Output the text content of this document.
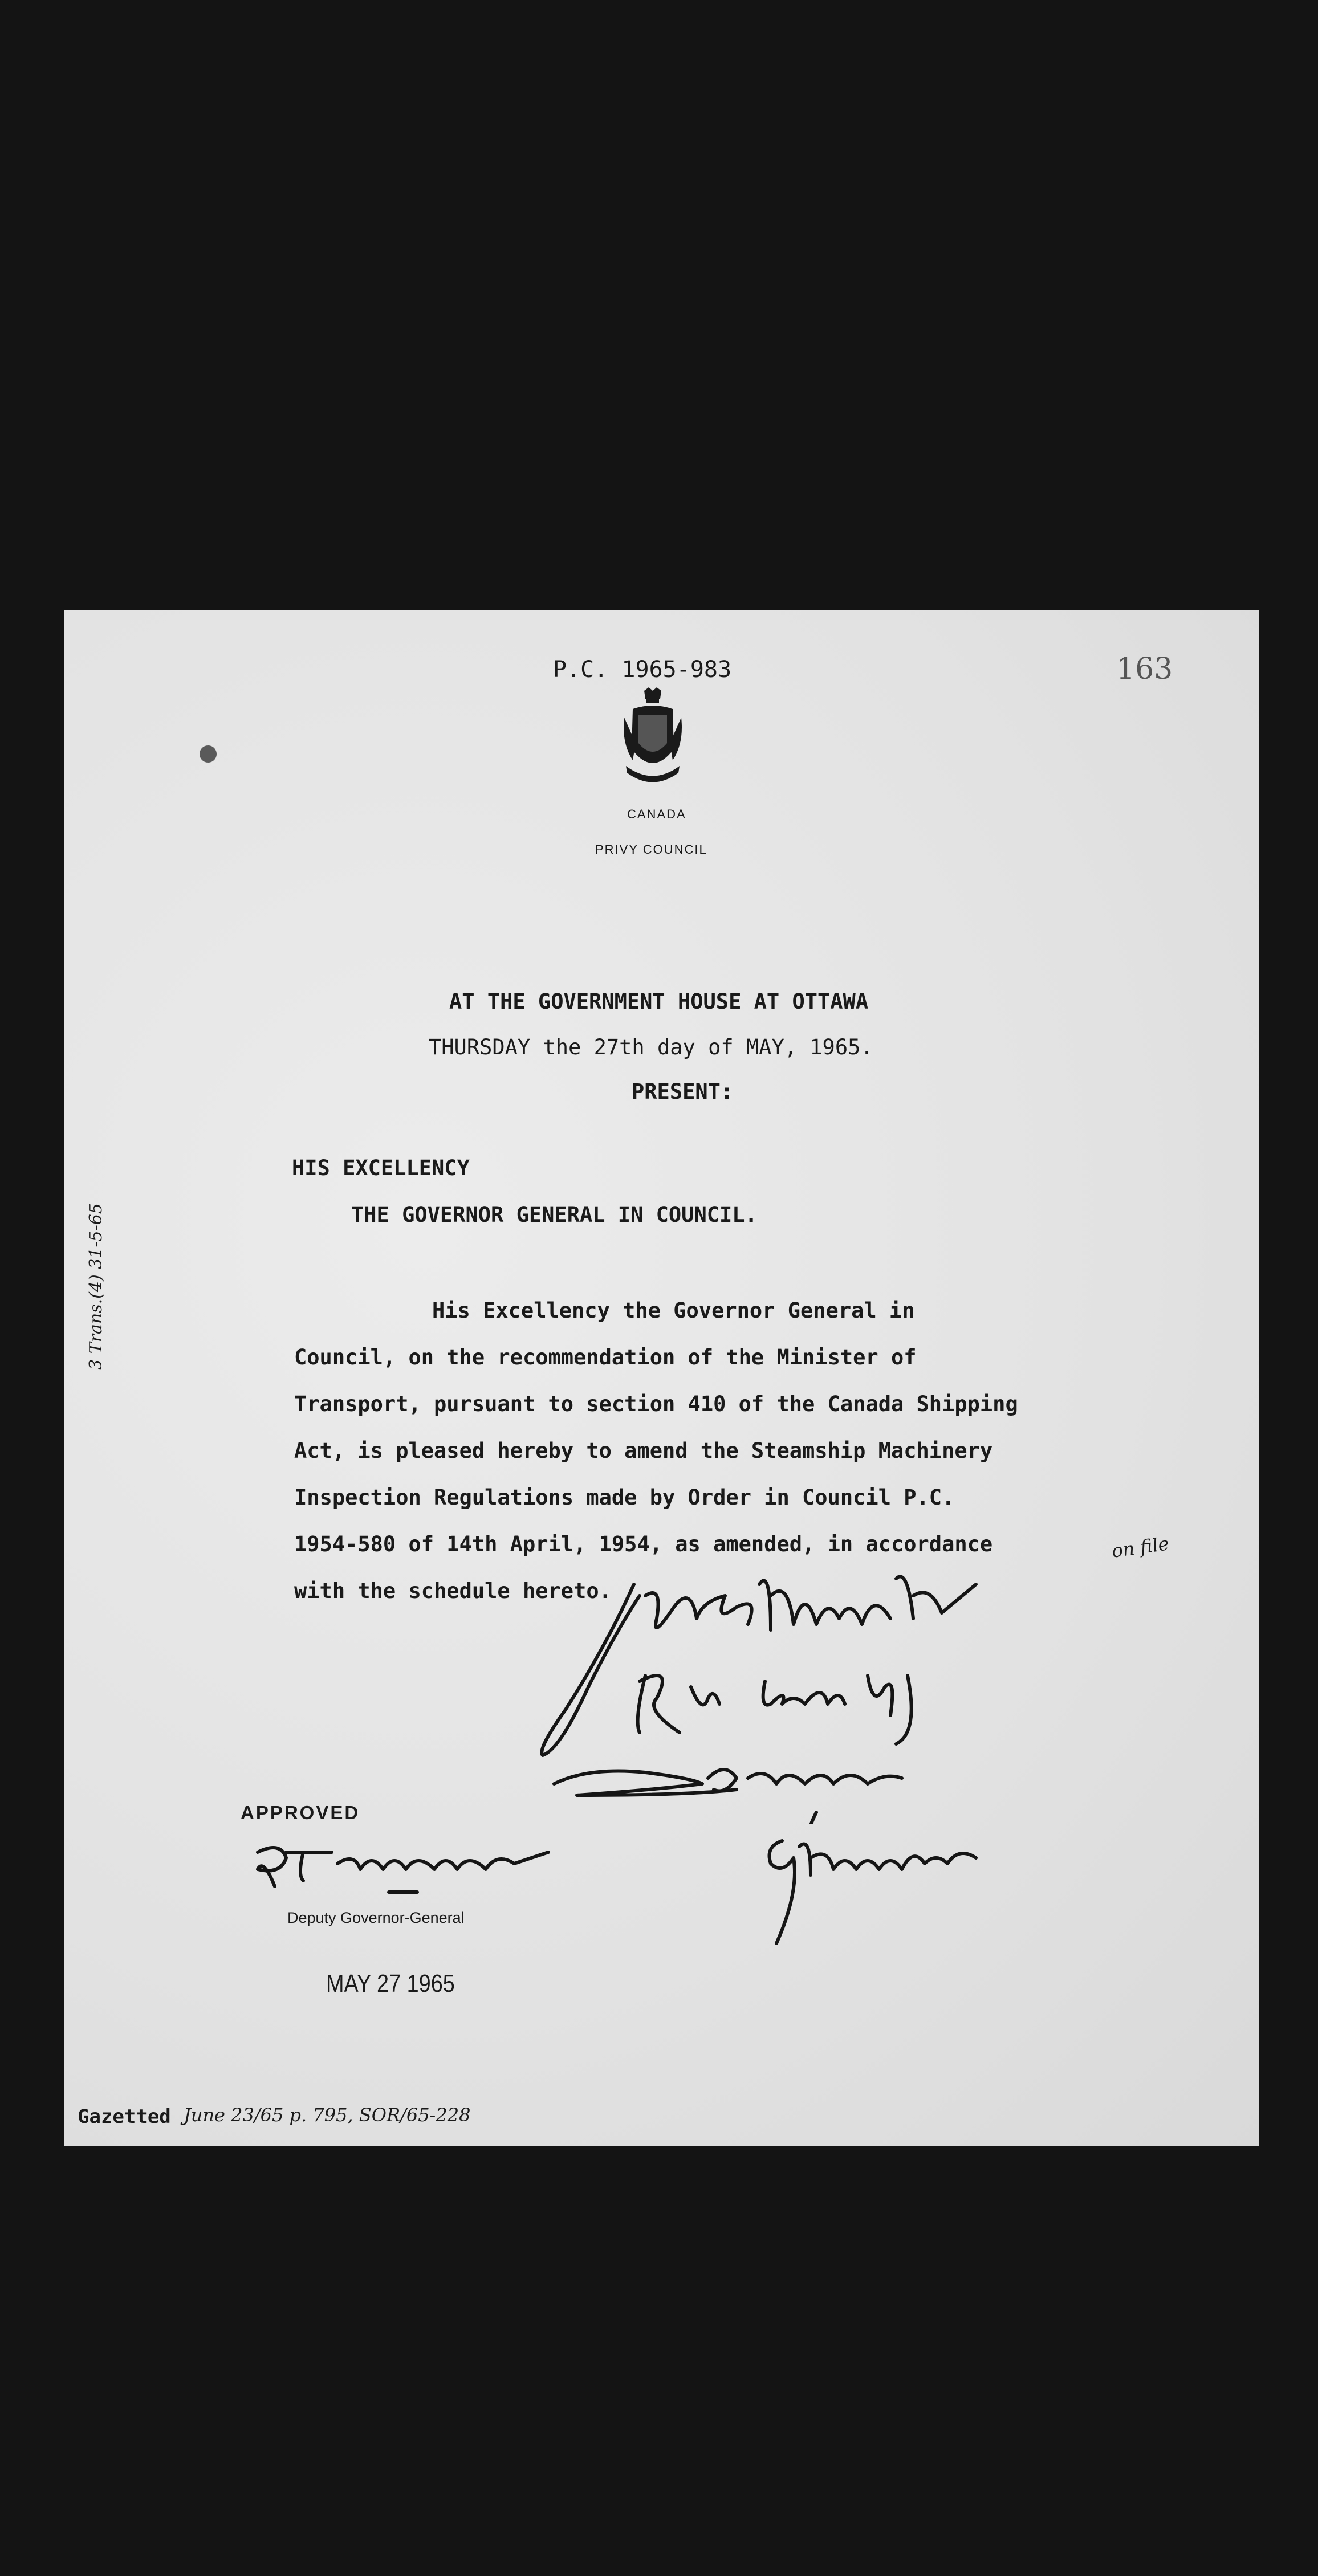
P.C. 1965-983	163
CANADA
PRIVY COUNCIL
AT THE GOVERNMENT HOUSE AT OTTAWA
THURSDAY the 27th day of MAY, 1965.
PRESENT:
HIS EXCELLENCY
THE GOVERNOR GENERAL IN COUNCIL.
His Excellency the Governor General in
Council, on the recommendation of the Minister of
Transport, pursuant to section 410 of the Canada Shipping
Act, is pleased hereby to amend the Steamship Machinery
Inspection Regulations made by Order in Council P.C.
1954-580 of 14th April, 1954, as amended, in accordance
with the schedule hereto.
3 Trans.(4) 31-5-65
on file
APPROVED
Deputy Governor-General
MAY 27 1965
Gazetted June 23/65 p. 795, SOR/65-228
